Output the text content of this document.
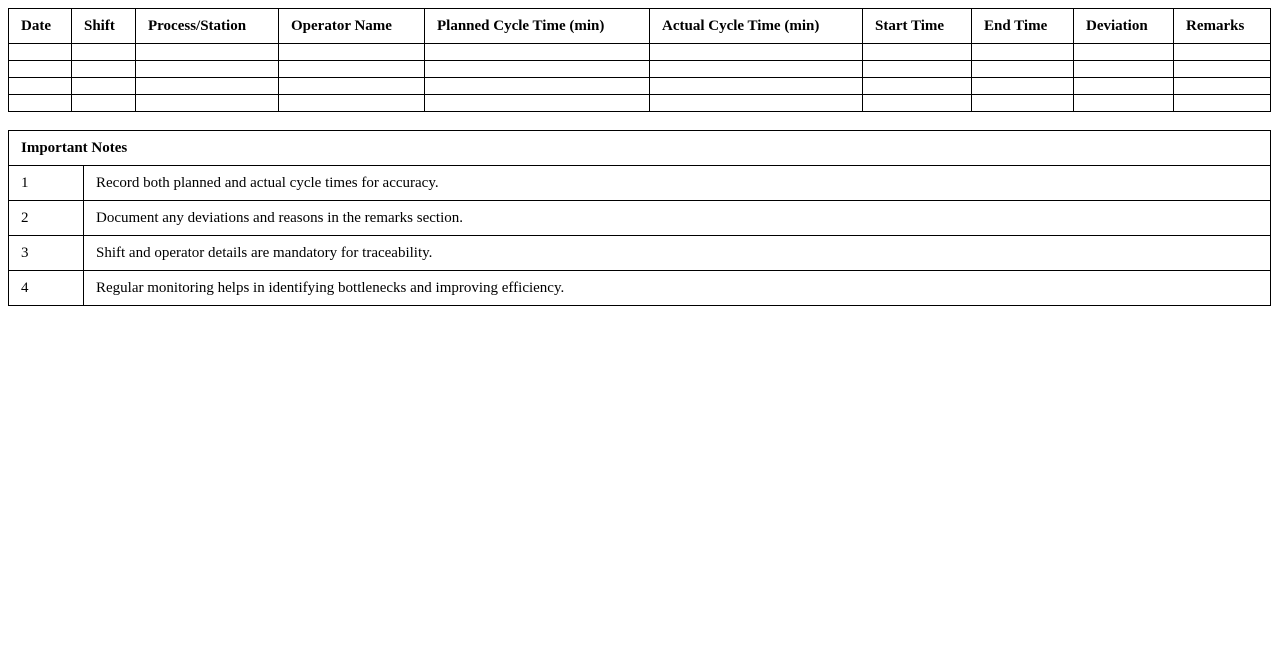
Date	Shift	Process/Station	Operator Name	Planned Cycle Time (min)	Actual Cycle Time (min)	Start Time	End Time	Deviation	Remarks

Important Notes	
1	Record both planned and actual cycle times for accuracy.
2	Document any deviations and reasons in the remarks section.
3	Shift and operator details are mandatory for traceability.
4	Regular monitoring helps in identifying bottlenecks and improving efficiency.
